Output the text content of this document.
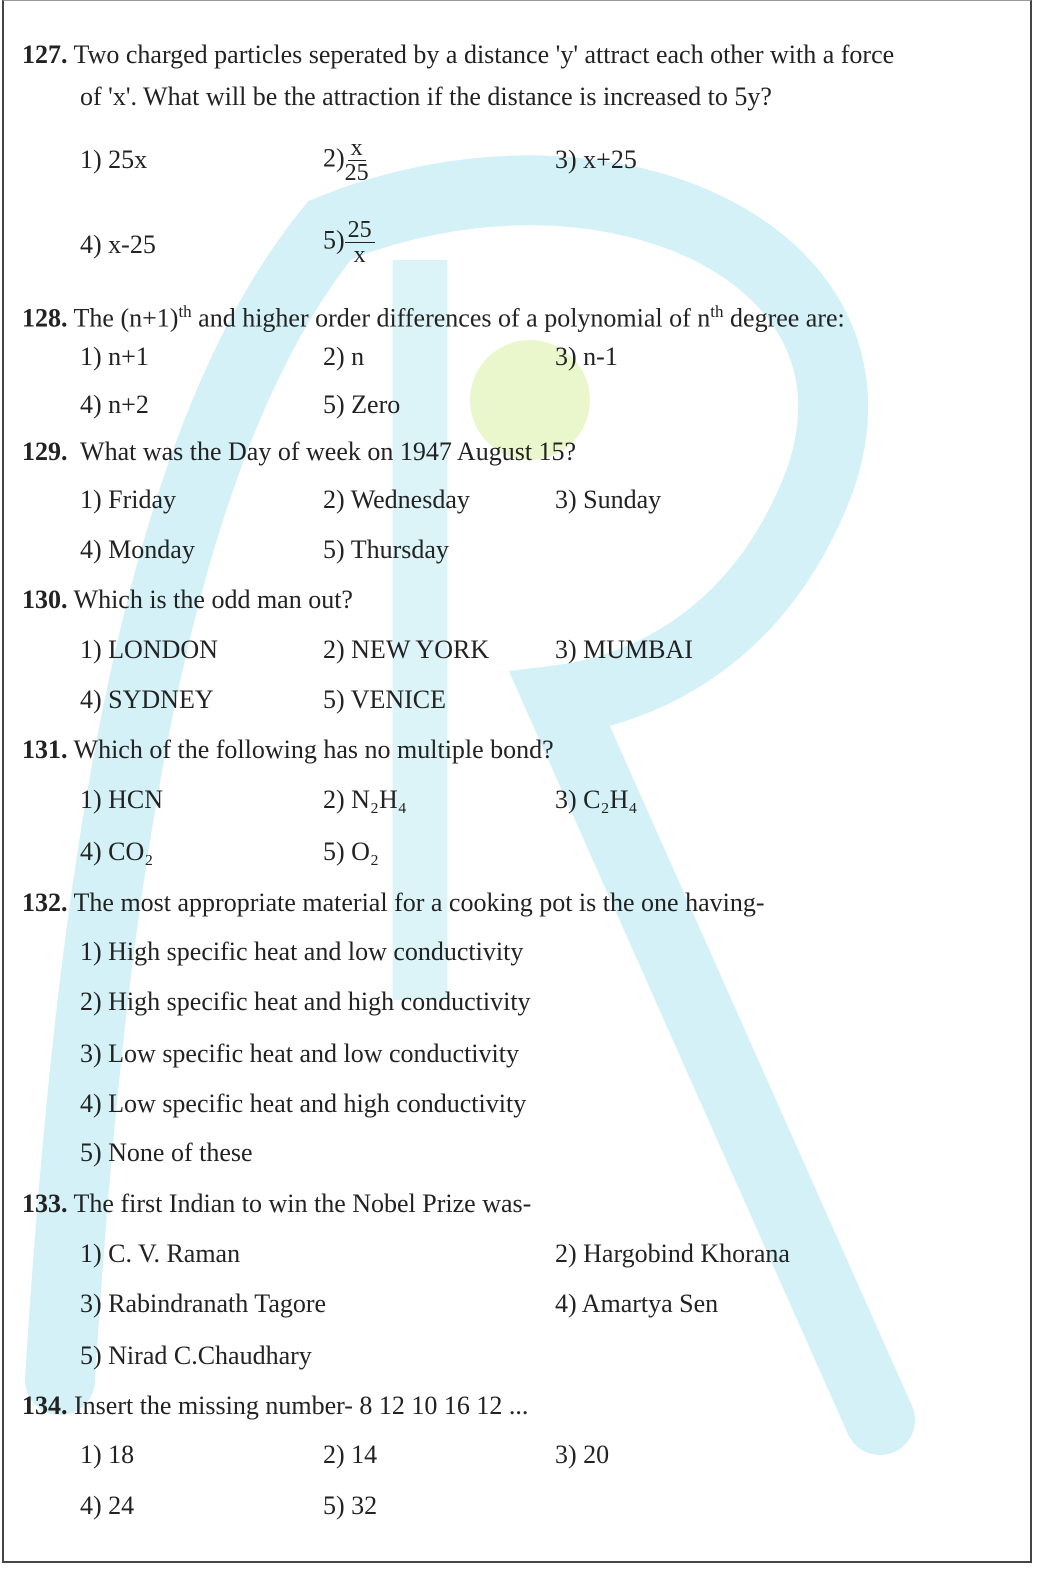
127. Two charged particles seperated by a distance 'y' attract each other with a force
of 'x'. What will be the attraction if the distance is increased to 5y?
1) 25x	$2) \frac{x}{25}$	3) x+25
4) x-25	$5) \frac{25}{x}$
128. The $(n+1)^{th}$ and higher order differences of a polynomial of $n^{th}$ degree are:
1) n+1	2) n	3) n-1
4) n+2	5) Zero
129. What was the Day of week on 1947 August 15?
1) Friday	2) Wednesday	3) Sunday
4) Monday	5) Thursday
130. Which is the odd man out?
1) LONDON	2) NEW YORK	3) MUMBAI
4) SYDNEY	5) VENICE
131. Which of the following has no multiple bond?
1) HCN	2) N₂H₄	3) C₂H₄
4) CO₂	5) O₂
132. The most appropriate material for a cooking pot is the one having-
1) High specific heat and low conductivity
2) High specific heat and high conductivity
3) Low specific heat and low conductivity
4) Low specific heat and high conductivity
5) None of these
133. The first Indian to win the Nobel Prize was-
1) C. V. Raman	2) Hargobind Khorana
3) Rabindranath Tagore	4) Amartya Sen
5) Nirad C.Chaudhary
134. Insert the missing number- 8 12 10 16 12 ...
1) 18	2) 14	3) 20
4) 24	5) 32
